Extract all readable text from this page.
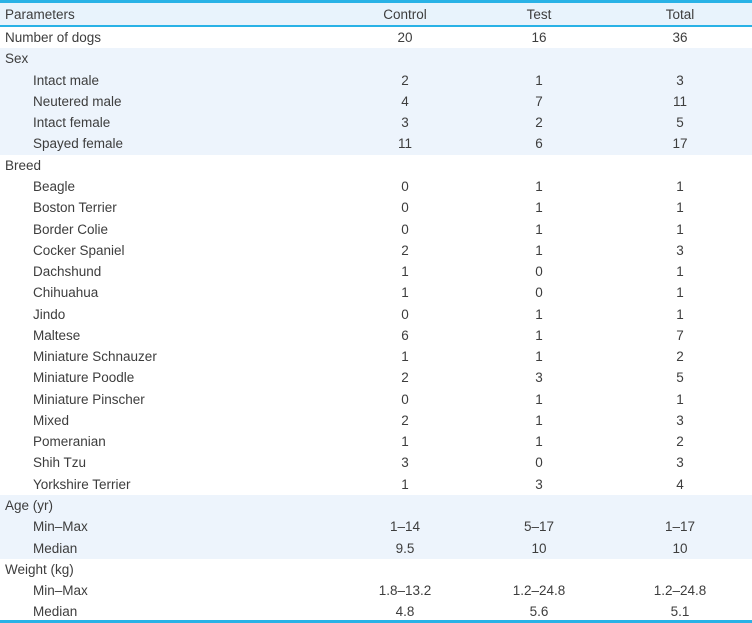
Parameters	Control	Test	Total
Number of dogs	20	16	36
Sex			
Intact male	2	1	3
Neutered male	4	7	11
Intact female	3	2	5
Spayed female	11	6	17
Breed			
Beagle	0	1	1
Boston Terrier	0	1	1
Border Colie	0	1	1
Cocker Spaniel	2	1	3
Dachshund	1	0	1
Chihuahua	1	0	1
Jindo	0	1	1
Maltese	6	1	7
Miniature Schnauzer	1	1	2
Miniature Poodle	2	3	5
Miniature Pinscher	0	1	1
Mixed	2	1	3
Pomeranian	1	1	2
Shih Tzu	3	0	3
Yorkshire Terrier	1	3	4
Age (yr)			
Min–Max	1–14	5–17	1–17
Median	9.5	10	10
Weight (kg)			
Min–Max	1.8–13.2	1.2–24.8	1.2–24.8
Median	4.8	5.6	5.1
